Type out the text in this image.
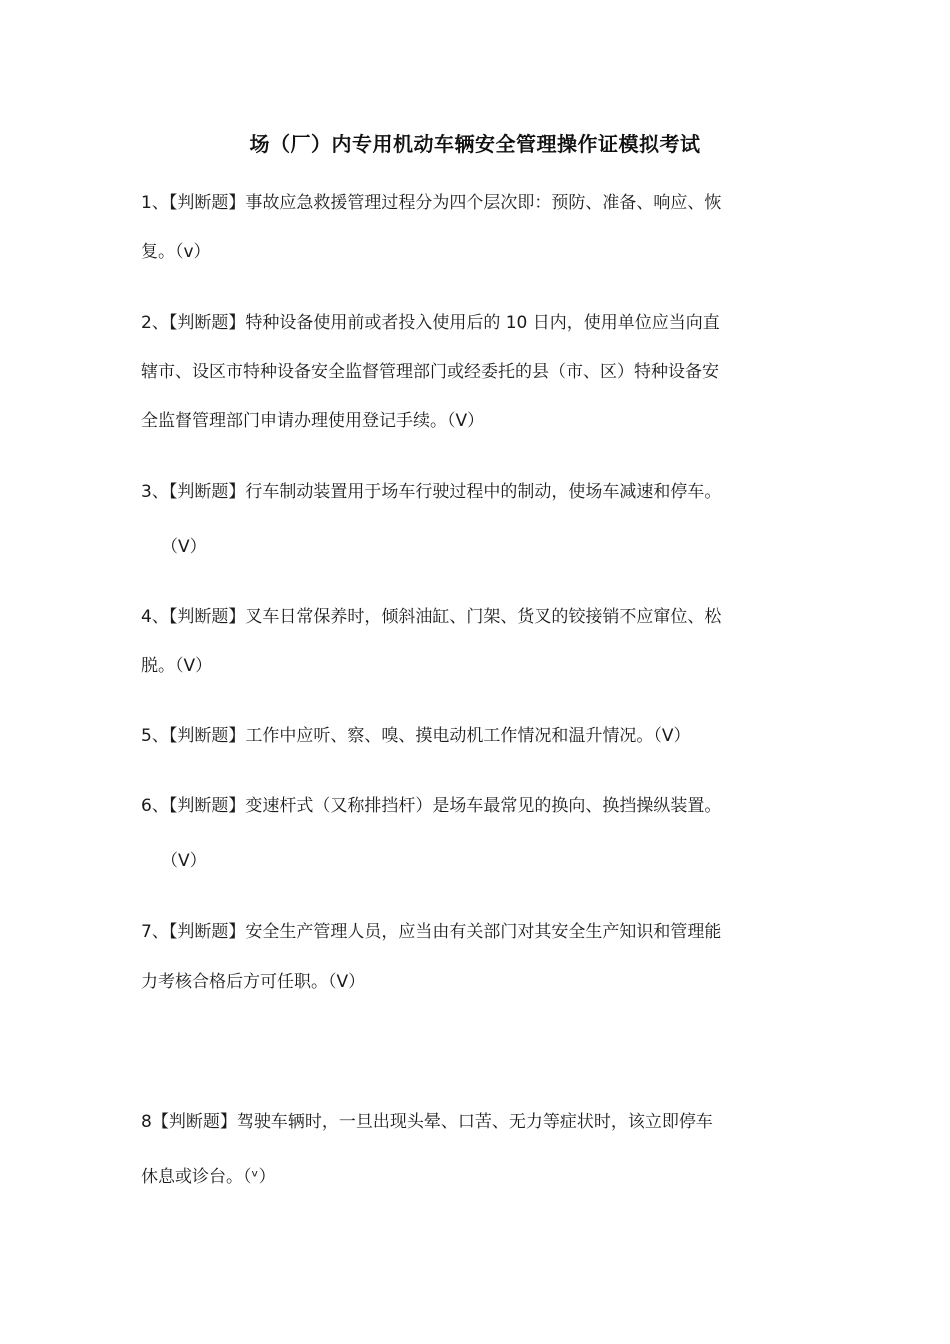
场（厂）内专用机动车辆安全管理操作证模拟考试
1、【判断题】事故应急救援管理过程分为四个层次即：预防、准备、响应、恢
复。（v）
2、【判断题】特种设备使用前或者投入使用后的 10 日内，使用单位应当向直
辖市、设区市特种设备安全监督管理部门或经委托的县（市、区）特种设备安
全监督管理部门申请办理使用登记手续。（V）
3、【判断题】行车制动装置用于场车行驶过程中的制动，使场车减速和停车。
（V）
4、【判断题】叉车日常保养时，倾斜油缸、门架、货叉的铰接销不应窜位、松
脱。（V）
5、【判断题】工作中应听、察、嗅、摸电动机工作情况和温升情况。（V）
6、【判断题】变速杆式（又称排挡杆）是场车最常见的换向、换挡操纵装置。
（V）
7、【判断题】安全生产管理人员，应当由有关部门对其安全生产知识和管理能
力考核合格后方可任职。（V）
8【判断题】驾驶车辆时，一旦出现头晕、口苦、无力等症状时，该立即停车
休息或诊台。（ᵛ）
